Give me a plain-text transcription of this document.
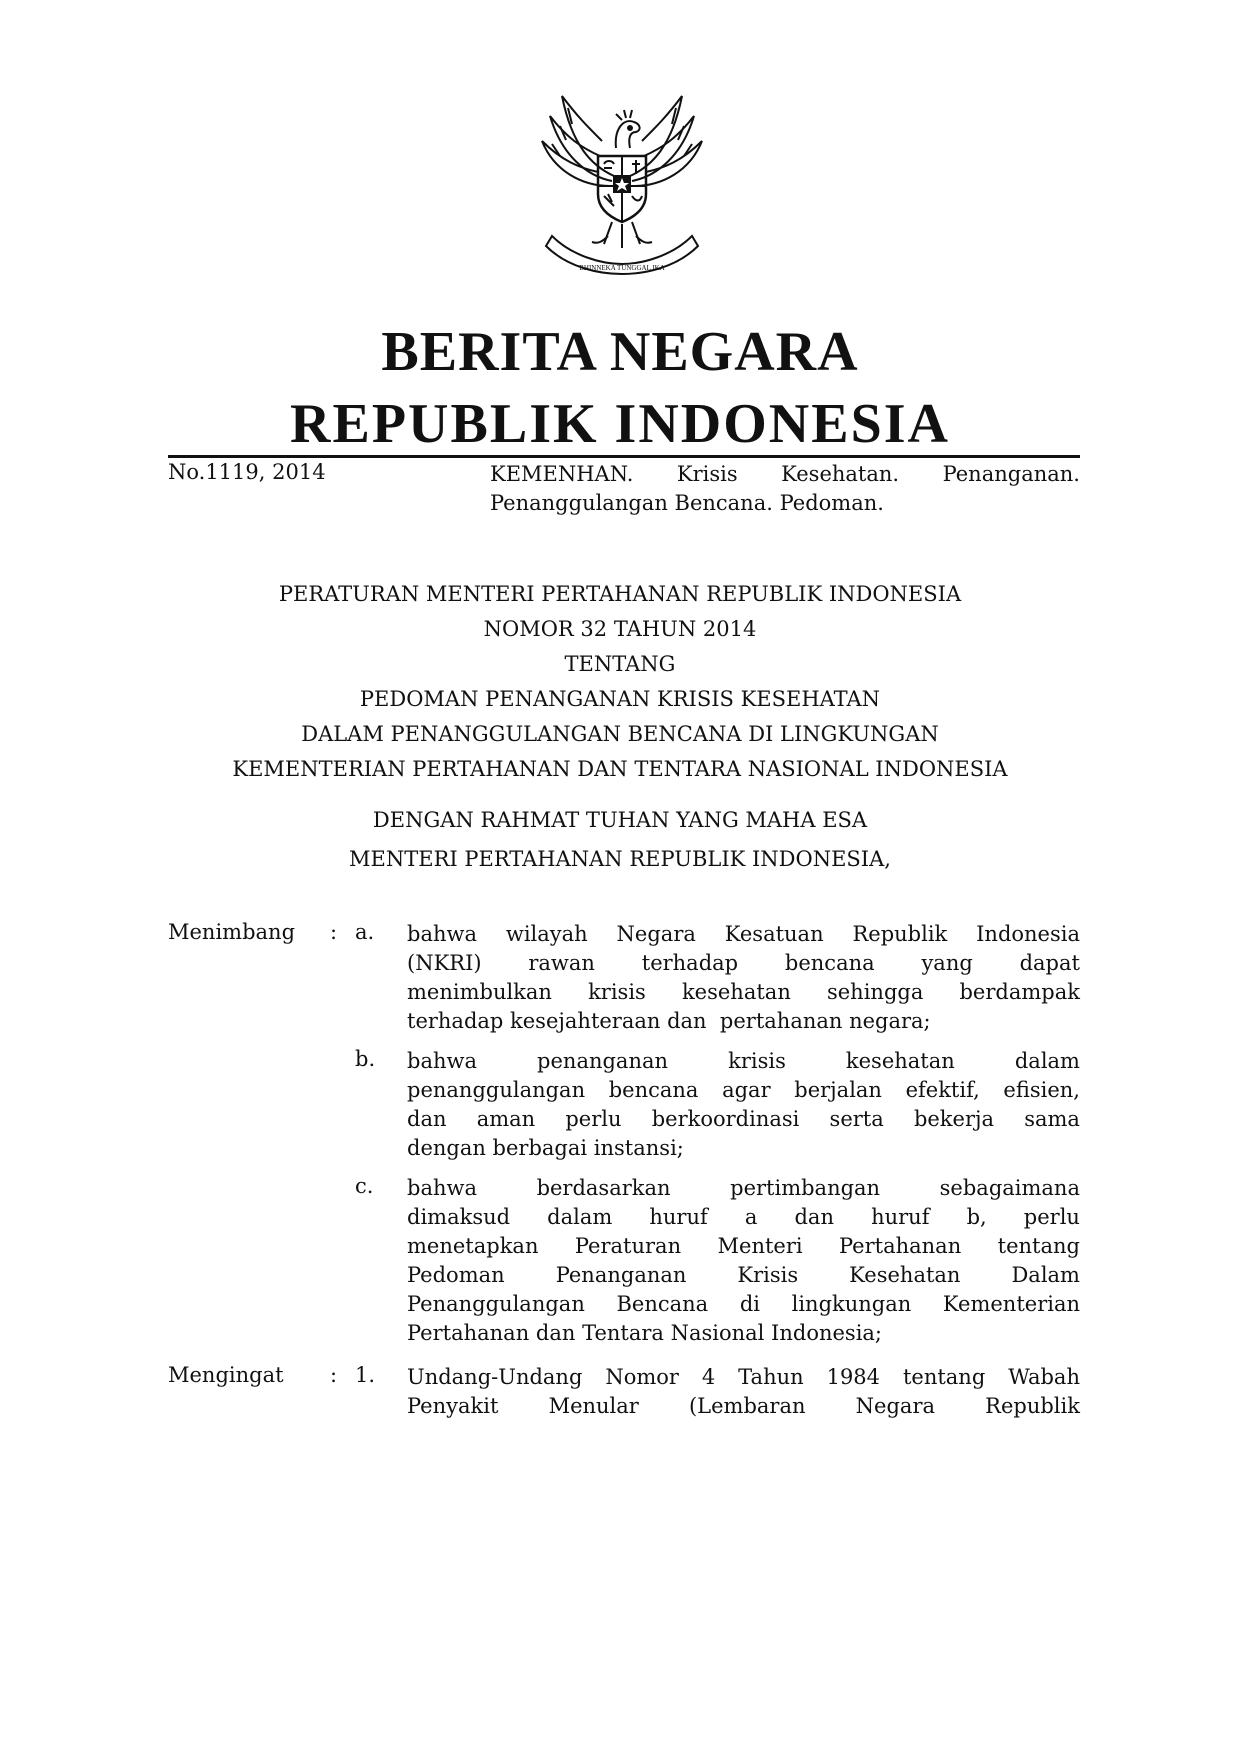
BHINNEKA TUNGGAL IKA
BERITA NEGARA
REPUBLIK INDONESIA
No.1119, 2014	KEMENHAN. Krisis Kesehatan. Penanganan.
Penanggulangan Bencana. Pedoman.
PERATURAN MENTERI PERTAHANAN REPUBLIK INDONESIA
NOMOR 32 TAHUN 2014
TENTANG
PEDOMAN PENANGANAN KRISIS KESEHATAN
DALAM PENANGGULANGAN BENCANA DI LINGKUNGAN
KEMENTERIAN PERTAHANAN DAN TENTARA NASIONAL INDONESIA
DENGAN RAHMAT TUHAN YANG MAHA ESA
MENTERI PERTAHANAN REPUBLIK INDONESIA,
Menimbang : a. bahwa wilayah Negara Kesatuan Republik Indonesia
(NKRI) rawan terhadap bencana yang dapat
menimbulkan krisis kesehatan sehingga berdampak
terhadap kesejahteraan dan  pertahanan negara;
b. bahwa	penanganan	krisis	kesehatan	dalam
penanggulangan bencana agar berjalan efektif, efisien,
dan aman perlu berkoordinasi serta bekerja sama
dengan berbagai instansi;
c. bahwa	berdasarkan	pertimbangan	sebagaimana
dimaksud dalam huruf a dan huruf b, perlu
menetapkan Peraturan Menteri Pertahanan tentang
Pedoman Penanganan Krisis Kesehatan Dalam
Penanggulangan Bencana di lingkungan Kementerian
Pertahanan dan Tentara Nasional Indonesia;
Mengingat : 1. Undang-Undang Nomor 4 Tahun 1984 tentang Wabah
Penyakit Menular (Lembaran Negara Republik
